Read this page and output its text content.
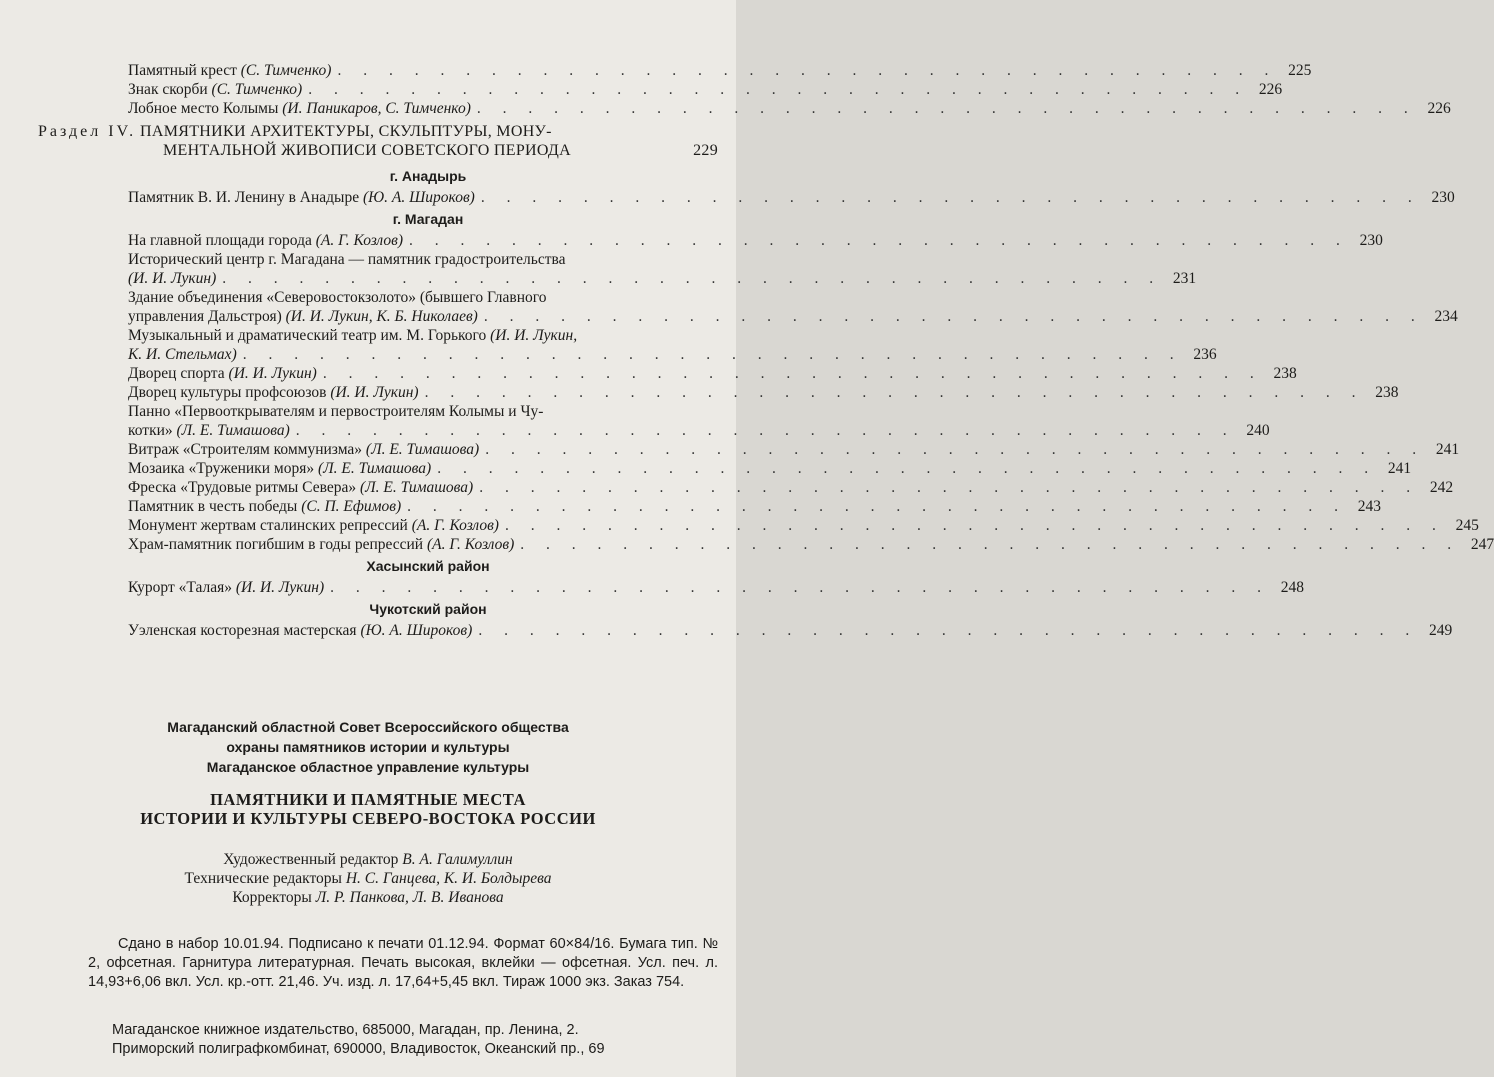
Памятный крест (С. Тимченко) . . . . . . . . . . . . . . . . . . . . . . . . . . . . . . . . . . . . . 225
Знак скорби (С. Тимченко) . . . . . . . . . . . . . . . . . . . . . . . . . . . . . . . . . . . . . 226
Лобное место Колымы (И. Паникаров, С. Тимченко) . . . . . . . . . . . . . . . . . . . . . . . . . . . . . . . . . . . . . 226
г. Анадырь
Памятник В. И. Ленину в Анадыре (Ю. А. Широков) . . . . . . . . . . . . . . . . . . . . . . . . . . . . . . . . . . . . . 230
г. Магадан
На главной площади города (А. Г. Козлов) . . . . . . . . . . . . . . . . . . . . . . . . . . . . . . . . . . . . . 230
Исторический центр г. Магадана — памятник градостроительства
(И. И. Лукин) . . . . . . . . . . . . . . . . . . . . . . . . . . . . . . . . . . . . . 231
Здание объединения «Северовостокзолото» (бывшего Главного
управления Дальстроя) (И. И. Лукин, К. Б. Николаев) . . . . . . . . . . . . . . . . . . . . . . . . . . . . . . . . . . . . . 234
Музыкальный и драматический театр им. М. Горького (И. И. Лукин,
К. И. Стельмах) . . . . . . . . . . . . . . . . . . . . . . . . . . . . . . . . . . . . . 236
Дворец спорта (И. И. Лукин) . . . . . . . . . . . . . . . . . . . . . . . . . . . . . . . . . . . . . 238
Дворец культуры профсоюзов (И. И. Лукин) . . . . . . . . . . . . . . . . . . . . . . . . . . . . . . . . . . . . . 238
Панно «Первооткрывателям и первостроителям Колымы и Чу-
котки» (Л. Е. Тимашова) . . . . . . . . . . . . . . . . . . . . . . . . . . . . . . . . . . . . . 240
Витраж «Строителям коммунизма» (Л. Е. Тимашова) . . . . . . . . . . . . . . . . . . . . . . . . . . . . . . . . . . . . . 241
Мозаика «Труженики моря» (Л. Е. Тимашова) . . . . . . . . . . . . . . . . . . . . . . . . . . . . . . . . . . . . . 241
Фреска «Трудовые ритмы Севера» (Л. Е. Тимашова) . . . . . . . . . . . . . . . . . . . . . . . . . . . . . . . . . . . . . 242
Памятник в честь победы (С. П. Ефимов) . . . . . . . . . . . . . . . . . . . . . . . . . . . . . . . . . . . . . 243
Монумент жертвам сталинских репрессий (А. Г. Козлов) . . . . . . . . . . . . . . . . . . . . . . . . . . . . . . . . . . . . . 245
Храм-памятник погибшим в годы репрессий (А. Г. Козлов) . . . . . . . . . . . . . . . . . . . . . . . . . . . . . . . . . . . . . 247
Хасынский район
Курорт «Талая» (И. И. Лукин) . . . . . . . . . . . . . . . . . . . . . . . . . . . . . . . . . . . . . 248
Чукотский район
Уэленская косторезная мастерская (Ю. А. Широков) . . . . . . . . . . . . . . . . . . . . . . . . . . . . . . . . . . . . . 249
Раздел IV. ПАМЯТНИКИ АРХИТЕКТУРЫ, СКУЛЬПТУРЫ, МОНУ-
МЕНТАЛЬНОЙ ЖИВОПИСИ СОВЕТСКОГО ПЕРИОДА	229
Магаданский областной Совет Всероссийского общества
охраны памятников истории и культуры
Магаданское областное управление культуры
ПАМЯТНИКИ И ПАМЯТНЫЕ МЕСТА
ИСТОРИИ И КУЛЬТУРЫ СЕВЕРО-ВОСТОКА РОССИИ
Художественный редактор В. А. Галимуллин
Технические редакторы Н. С. Ганцева, К. И. Болдырева
Корректоры Л. Р. Панкова, Л. В. Иванова
Сдано в набор 10.01.94. Подписано к печати 01.12.94. Формат 60×84/16. Бумага тип. № 2, офсетная. Гарнитура литературная. Печать высокая, вклейки — офсетная. Усл. печ. л. 14,93+6,06 вкл. Усл. кр.-отт. 21,46. Уч. изд. л. 17,64+5,45 вкл. Тираж 1000 экз. Заказ 754.
Магаданское книжное издательство, 685000, Магадан, пр. Ленина, 2.
Приморский полиграфкомбинат, 690000, Владивосток, Океанский пр., 69
